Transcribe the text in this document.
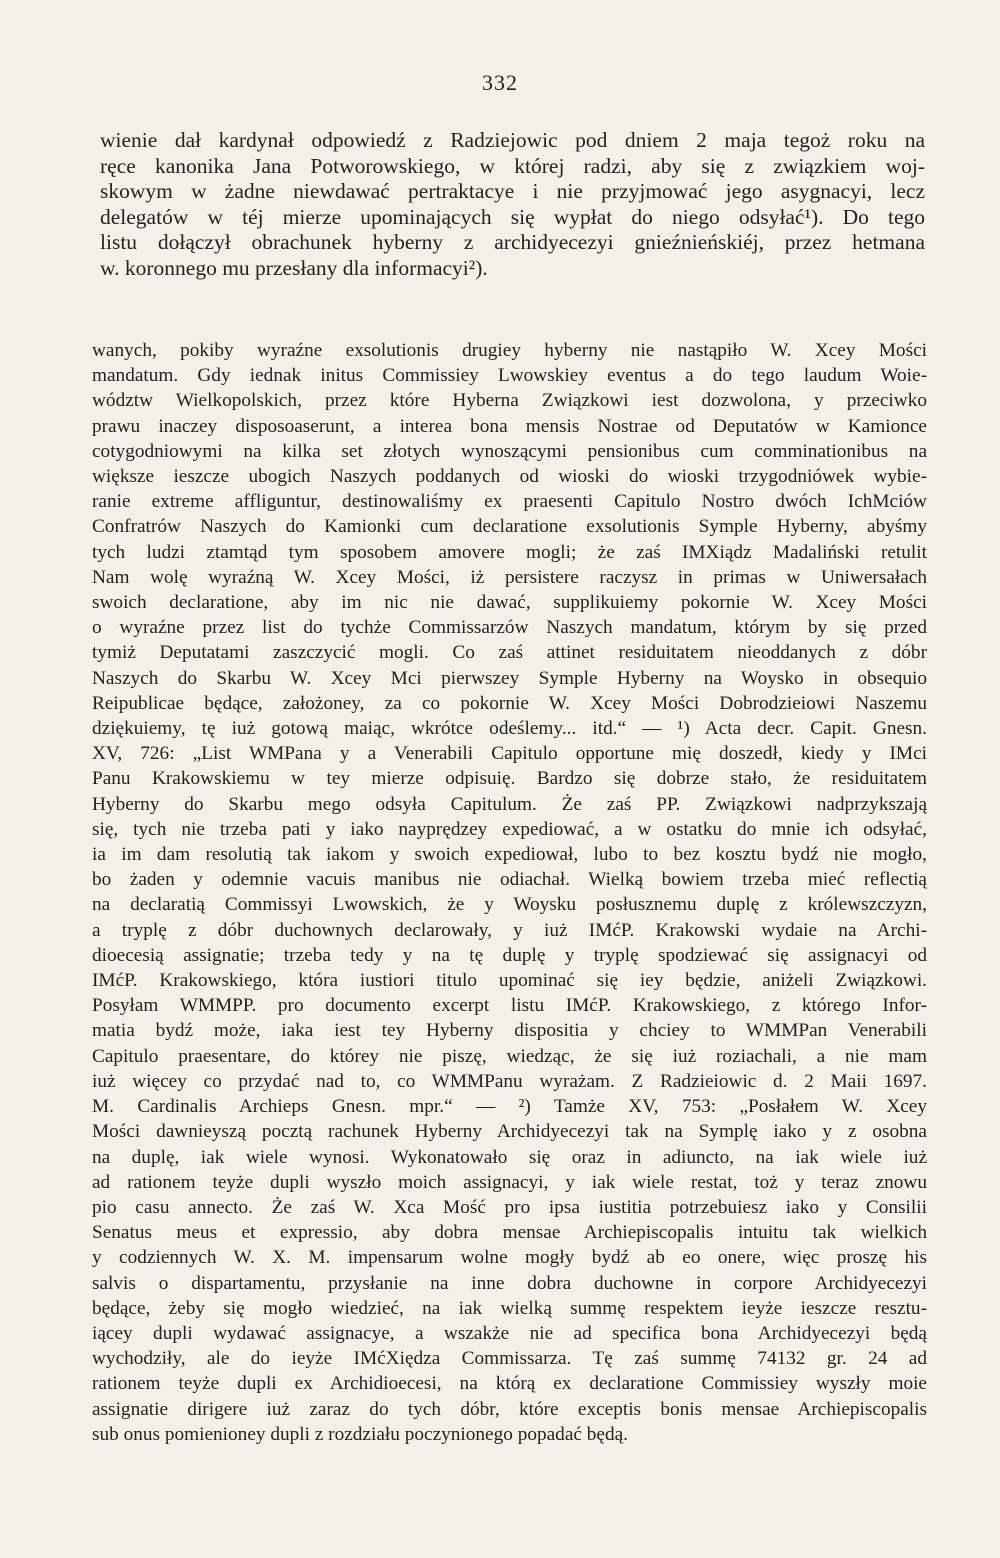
332
wienie dał kardynał odpowiedź z Radziejowic pod dniem 2 maja tegoż roku na
ręce kanonika Jana Potworowskiego, w której radzi, aby się z związkiem woj-
skowym w żadne niewdawać pertraktacye i nie przyjmować jego asygnacyi, lecz
delegatów w téj mierze upominających się wypłat do niego odsyłać¹). Do tego
listu dołączył obrachunek hyberny z archidyecezyi gnieźnieńskiéj, przez hetmana
w. koronnego mu przesłany dla informacyi²).
wanych, pokiby wyraźne exsolutionis drugiey hyberny nie nastąpiło W. Xcey Mości
mandatum. Gdy iednak initus Commissiey Lwowskiey eventus a do tego laudum Woie-
wództw Wielkopolskich, przez które Hyberna Związkowi iest dozwolona, y przeciwko
prawu inaczey disposoaserunt, a interea bona mensis Nostrae od Deputatów w Kamionce
cotygodniowymi na kilka set złotych wynoszącymi pensionibus cum comminationibus na
większe ieszcze ubogich Naszych poddanych od wioski do wioski trzygodniówek wybie-
ranie extreme affliguntur, destinowaliśmy ex praesenti Capitulo Nostro dwóch IchMciów
Confratrów Naszych do Kamionki cum declaratione exsolutionis Symple Hyberny, abyśmy
tych ludzi ztamtąd tym sposobem amovere mogli; że zaś IMXiądz Madaliński retulit
Nam wolę wyraźną W. Xcey Mości, iż persistere raczysz in primas w Uniwersałach
swoich declaratione, aby im nic nie dawać, supplikuiemy pokornie W. Xcey Mości
o wyraźne przez list do tychże Commissarzów Naszych mandatum, którym by się przed
tymiż Deputatami zaszczycić mogli. Co zaś attinet residuitatem nieoddanych z dóbr
Naszych do Skarbu W. Xcey Mci pierwszey Symple Hyberny na Woysko in obsequio
Reipublicae będące, założoney, za co pokornie W. Xcey Mości Dobrodzieiowi Naszemu
dziękuiemy, tę iuż gotową maiąc, wkrótce odeślemy... itd.“ — ¹) Acta decr. Capit. Gnesn.
XV, 726: „List WMPana y a Venerabili Capitulo opportune mię doszedł, kiedy y IMci
Panu Krakowskiemu w tey mierze odpisuię. Bardzo się dobrze stało, że residuitatem
Hyberny do Skarbu mego odsyła Capitulum. Że zaś PP. Związkowi nadprzykszają
się, tych nie trzeba pati y iako nayprędzey expediować, a w ostatku do mnie ich odsyłać,
ia im dam resolutią tak iakom y swoich expediował, lubo to bez kosztu bydź nie mogło,
bo żaden y odemnie vacuis manibus nie odiachał. Wielką bowiem trzeba mieć reflectią
na declaratią Commissyi Lwowskich, że y Woysku posłusznemu duplę z królewszczyzn,
a tryplę z dóbr duchownych declarowały, y iuż IMćP. Krakowski wydaie na Archi-
dioecesią assignatie; trzeba tedy y na tę duplę y tryplę spodziewać się assignacyi od
IMćP. Krakowskiego, która iustiori titulo upominać się iey będzie, aniżeli Związkowi.
Posyłam WMMPP. pro documento excerpt listu IMćP. Krakowskiego, z którego Infor-
matia bydź może, iaka iest tey Hyberny dispositia y chciey to WMMPan Venerabili
Capitulo praesentare, do którey nie piszę, wiedząc, że się iuż roziachali, a nie mam
iuż więcey co przydać nad to, co WMMPanu wyrażam. Z Radzieiowic d. 2 Maii 1697.
M. Cardinalis Archieps Gnesn. mpr.“ — ²) Tamże XV, 753: „Posłałem W. Xcey
Mości dawnieyszą pocztą rachunek Hyberny Archidyecezyi tak na Symplę iako y z osobna
na duplę, iak wiele wynosi. Wykonatowało się oraz in adiuncto, na iak wiele iuż
ad rationem teyże dupli wyszło moich assignacyi, y iak wiele restat, toż y teraz znowu
pio casu annecto. Że zaś W. Xca Mość pro ipsa iustitia potrzebuiesz iako y Consilii
Senatus meus et expressio, aby dobra mensae Archiepiscopalis intuitu tak wielkich
y codziennych W. X. M. impensarum wolne mogły bydź ab eo onere, więc proszę his
salvis o dispartamentu, przysłanie na inne dobra duchowne in corpore Archidyecezyi
będące, żeby się mogło wiedzieć, na iak wielką summę respektem ieyże ieszcze resztu-
iącey dupli wydawać assignacye, a wszakże nie ad specifica bona Archidyecezyi będą
wychodziły, ale do ieyże IMćXiędza Commissarza. Tę zaś summę 74132 gr. 24 ad
rationem teyże dupli ex Archidioecesi, na którą ex declaratione Commissiey wyszły moie
assignatie dirigere iuż zaraz do tych dóbr, które exceptis bonis mensae Archiepiscopalis
sub onus pomienioney dupli z rozdziału poczynionego popadać będą.
